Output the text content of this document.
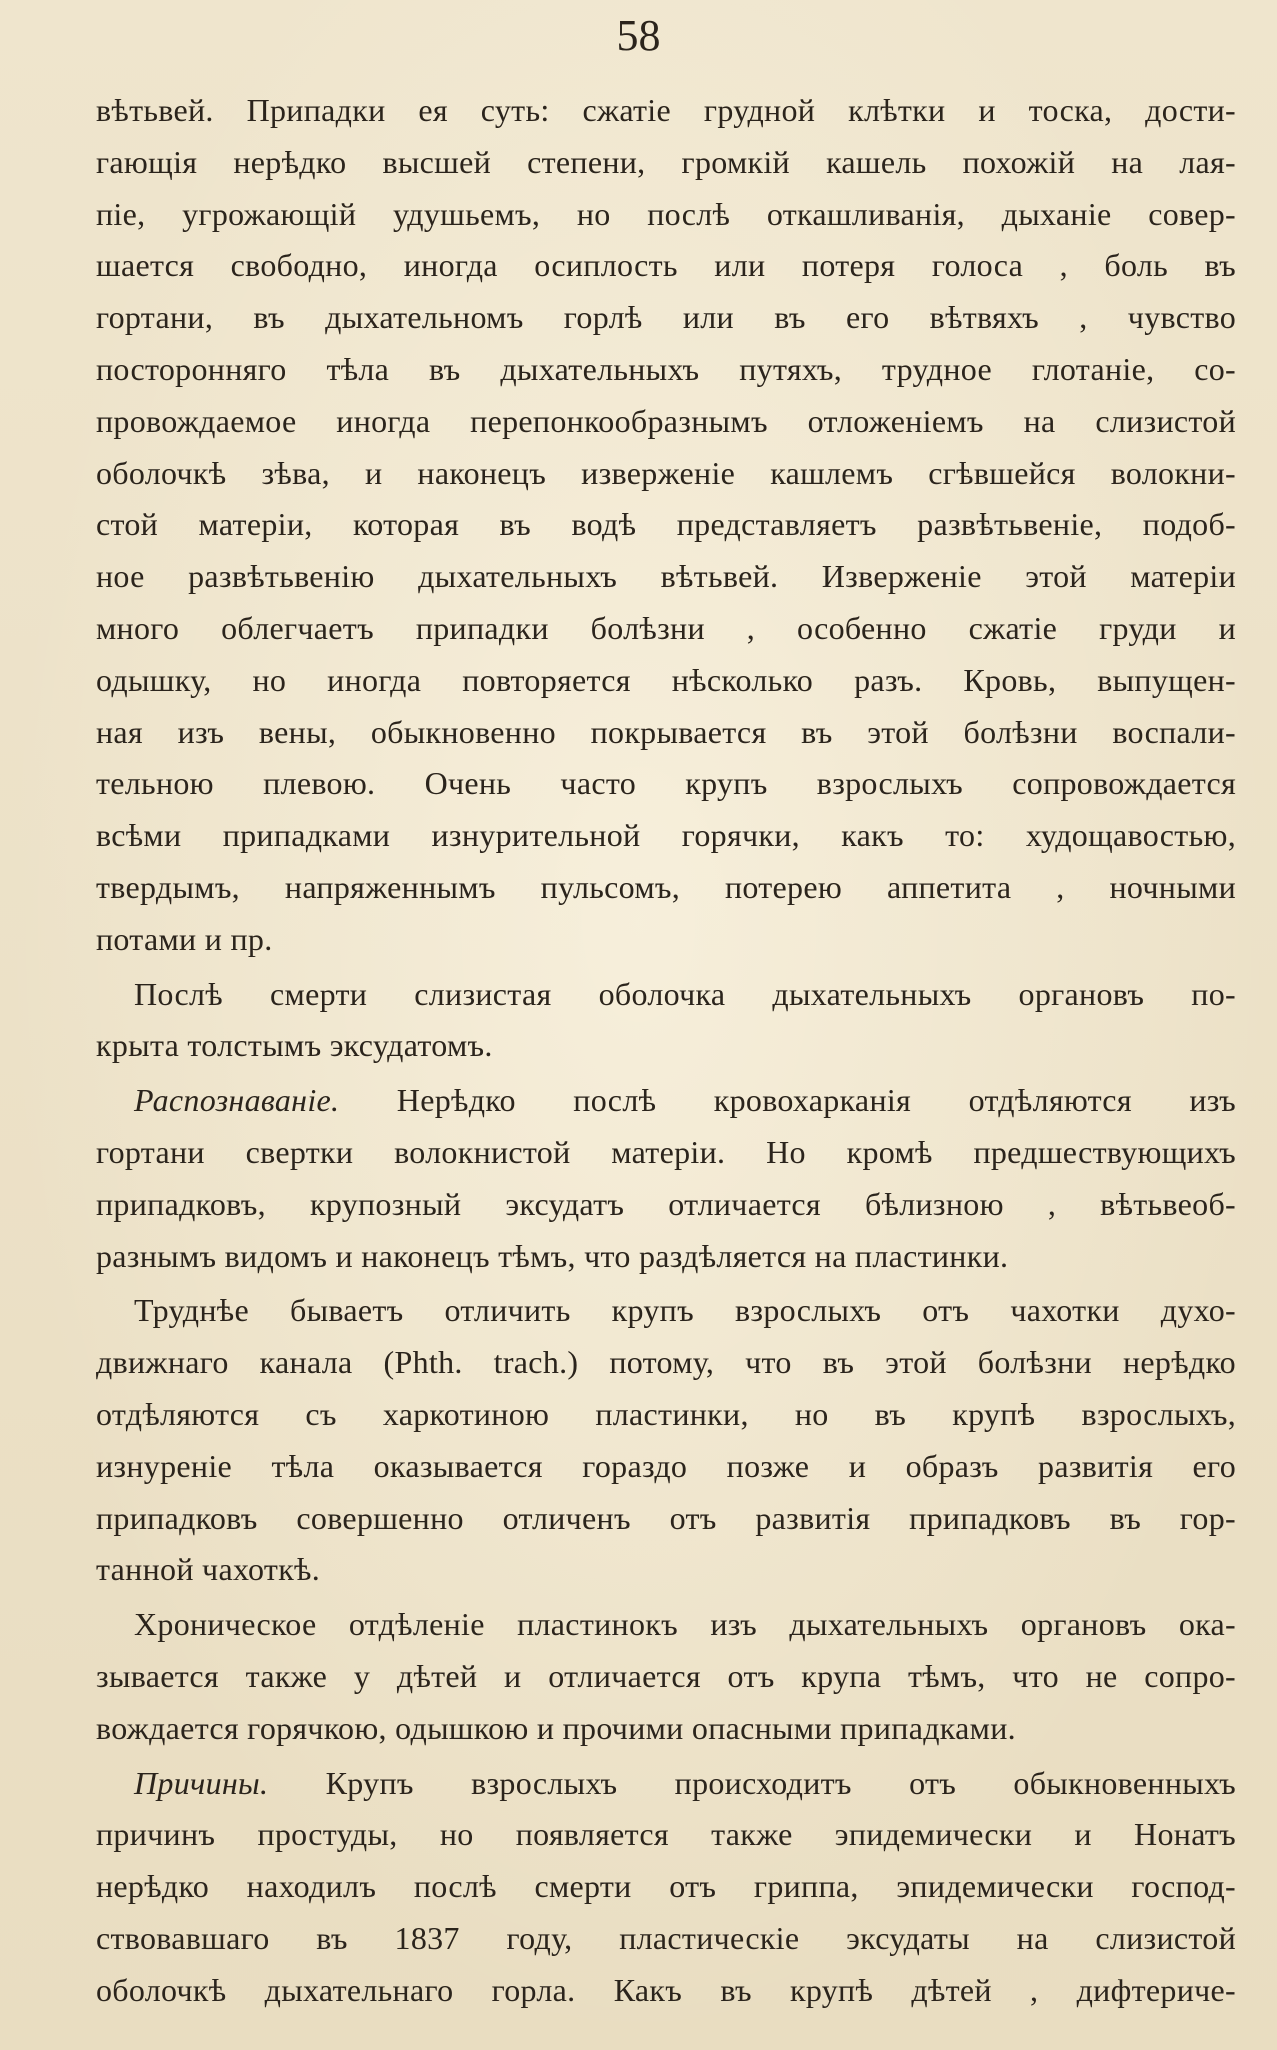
58
вѣтьвей. Припадки ея суть: сжатіе грудной клѣтки и тоска, дости-
гающія нерѣдко высшей степени, громкій кашель похожій на лая-
піе, угрожающій удушьемъ, но послѣ откашливанія, дыханіе совер-
шается свободно, иногда осиплость или потеря голоса , боль въ
гортани, въ дыхательномъ горлѣ или въ его вѣтвяхъ , чувство
посторонняго тѣла въ дыхательныхъ путяхъ, трудное глотаніе, со-
провождаемое иногда перепонкообразнымъ отложеніемъ на слизистой
оболочкѣ зѣва, и наконецъ изверженіе кашлемъ сгѣвшейся волокни-
стой матеріи, которая въ водѣ представляетъ развѣтьвеніе, подоб-
ное развѣтьвенію дыхательныхъ вѣтьвей. Изверженіе этой матеріи
много облегчаетъ припадки болѣзни , особенно сжатіе груди и
одышку, но иногда повторяется нѣсколько разъ. Кровь, выпущен-
ная изъ вены, обыкновенно покрывается въ этой болѣзни воспали-
тельною плевою. Очень часто крупъ взрослыхъ сопровождается
всѣми припадками изнурительной горячки, какъ то: худощавостью,
твердымъ, напряженнымъ пульсомъ, потерею аппетита , ночными
потами и пр.
Послѣ смерти слизистая оболочка дыхательныхъ органовъ по-
крыта толстымъ эксудатомъ.
Распознаваніе. Нерѣдко послѣ кровохарканія отдѣляются изъ
гортани свертки волокнистой матеріи. Но кромѣ предшествующихъ
припадковъ, крупозный эксудатъ отличается бѣлизною , вѣтьвеоб-
разнымъ видомъ и наконецъ тѣмъ, что раздѣляется на пластинки.
Труднѣе бываетъ отличить крупъ взрослыхъ отъ чахотки духо-
движнаго канала (Phth. trach.) потому, что въ этой болѣзни нерѣдко
отдѣляются съ харкотиною пластинки, но въ крупѣ взрослыхъ,
изнуреніе тѣла оказывается гораздо позже и образъ развитія его
припадковъ совершенно отличенъ отъ развитія припадковъ въ гор-
танной чахоткѣ.
Хроническое отдѣленіе пластинокъ изъ дыхательныхъ органовъ ока-
зывается также у дѣтей и отличается отъ крупа тѣмъ, что не сопро-
вождается горячкою, одышкою и прочими опасными припадками.
Причины. Крупъ взрослыхъ происходитъ отъ обыкновенныхъ
причинъ простуды, но появляется также эпидемически и Нонатъ
нерѣдко находилъ послѣ смерти отъ гриппа, эпидемически господ-
ствовавшаго въ 1837 году, пластическіе эксудаты на слизистой
оболочкѣ дыхательнаго горла. Какъ въ крупѣ дѣтей , дифтериче-
